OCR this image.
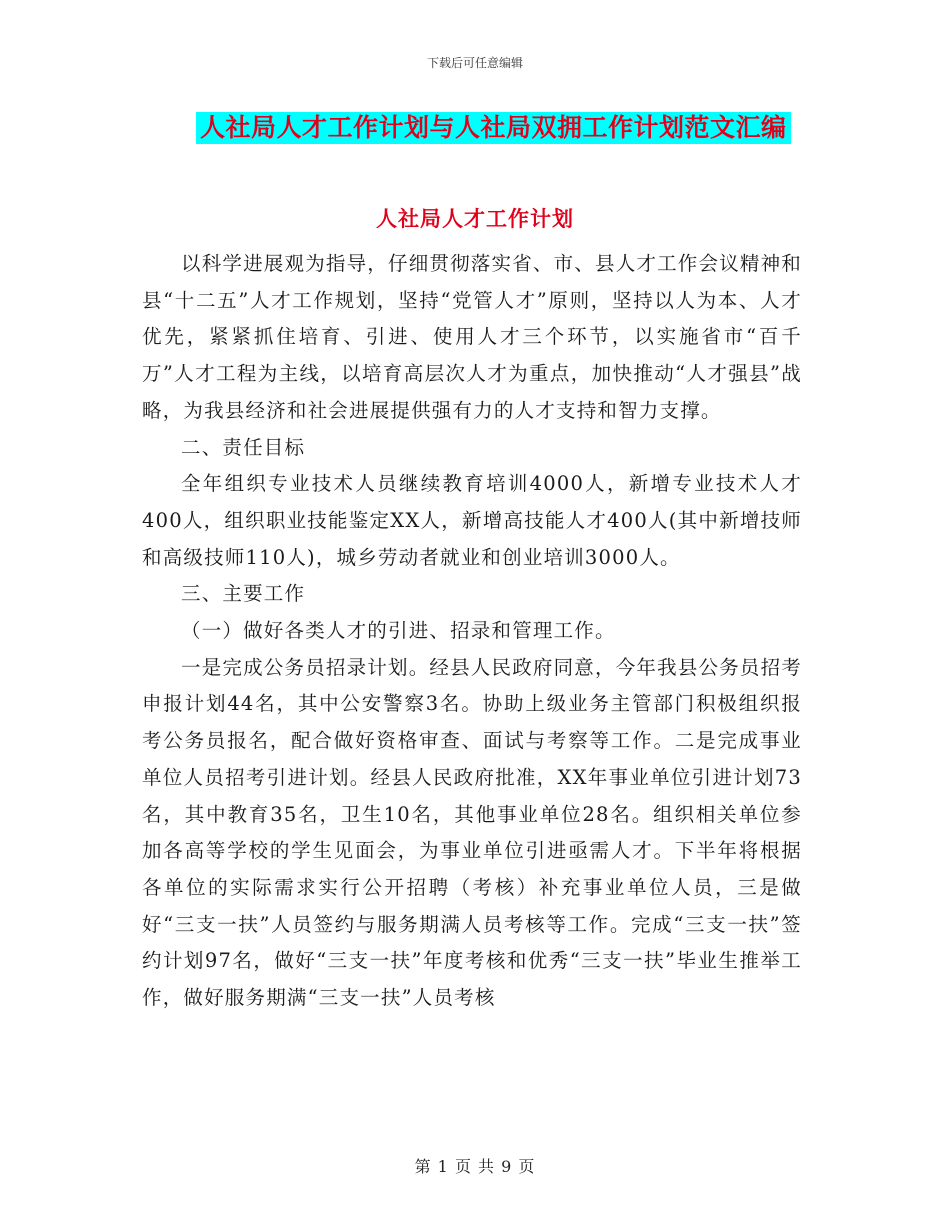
下载后可任意编辑
人社局人才工作计划与人社局双拥工作计划范文汇编
人社局人才工作计划

以科学进展观为指导，仔细贯彻落实省、市、县人才工作会议精神和县“十二五”人才工作规划，坚持“党管人才”原则，坚持以人为本、人才优先，紧紧抓住培育、引进、使用人才三个环节，以实施省市“百千万”人才工程为主线，以培育高层次人才为重点，加快推动“人才强县”战略，为我县经济和社会进展提供强有力的人才支持和智力支撑。

二、责任目标

全年组织专业技术人员继续教育培训4000人，新增专业技术人才400人，组织职业技能鉴定XX人，新增高技能人才400人(其中新增技师和高级技师110人)，城乡劳动者就业和创业培训3000人。

三、主要工作

（一）做好各类人才的引进、招录和管理工作。

一是完成公务员招录计划。经县人民政府同意，今年我县公务员招考申报计划44名，其中公安警察3名。协助上级业务主管部门积极组织报考公务员报名，配合做好资格审查、面试与考察等工作。二是完成事业单位人员招考引进计划。经县人民政府批准，XX年事业单位引进计划73名，其中教育35名，卫生10名，其他事业单位28名。组织相关单位参加各高等学校的学生见面会，为事业单位引进亟需人才。下半年将根据各单位的实际需求实行公开招聘（考核）补充事业单位人员，三是做好“三支一扶”人员签约与服务期满人员考核等工作。完成“三支一扶”签约计划97名，做好“三支一扶”年度考核和优秀“三支一扶”毕业生推举工作，做好服务期满“三支一扶”人员考核

第 1 页 共 9 页
